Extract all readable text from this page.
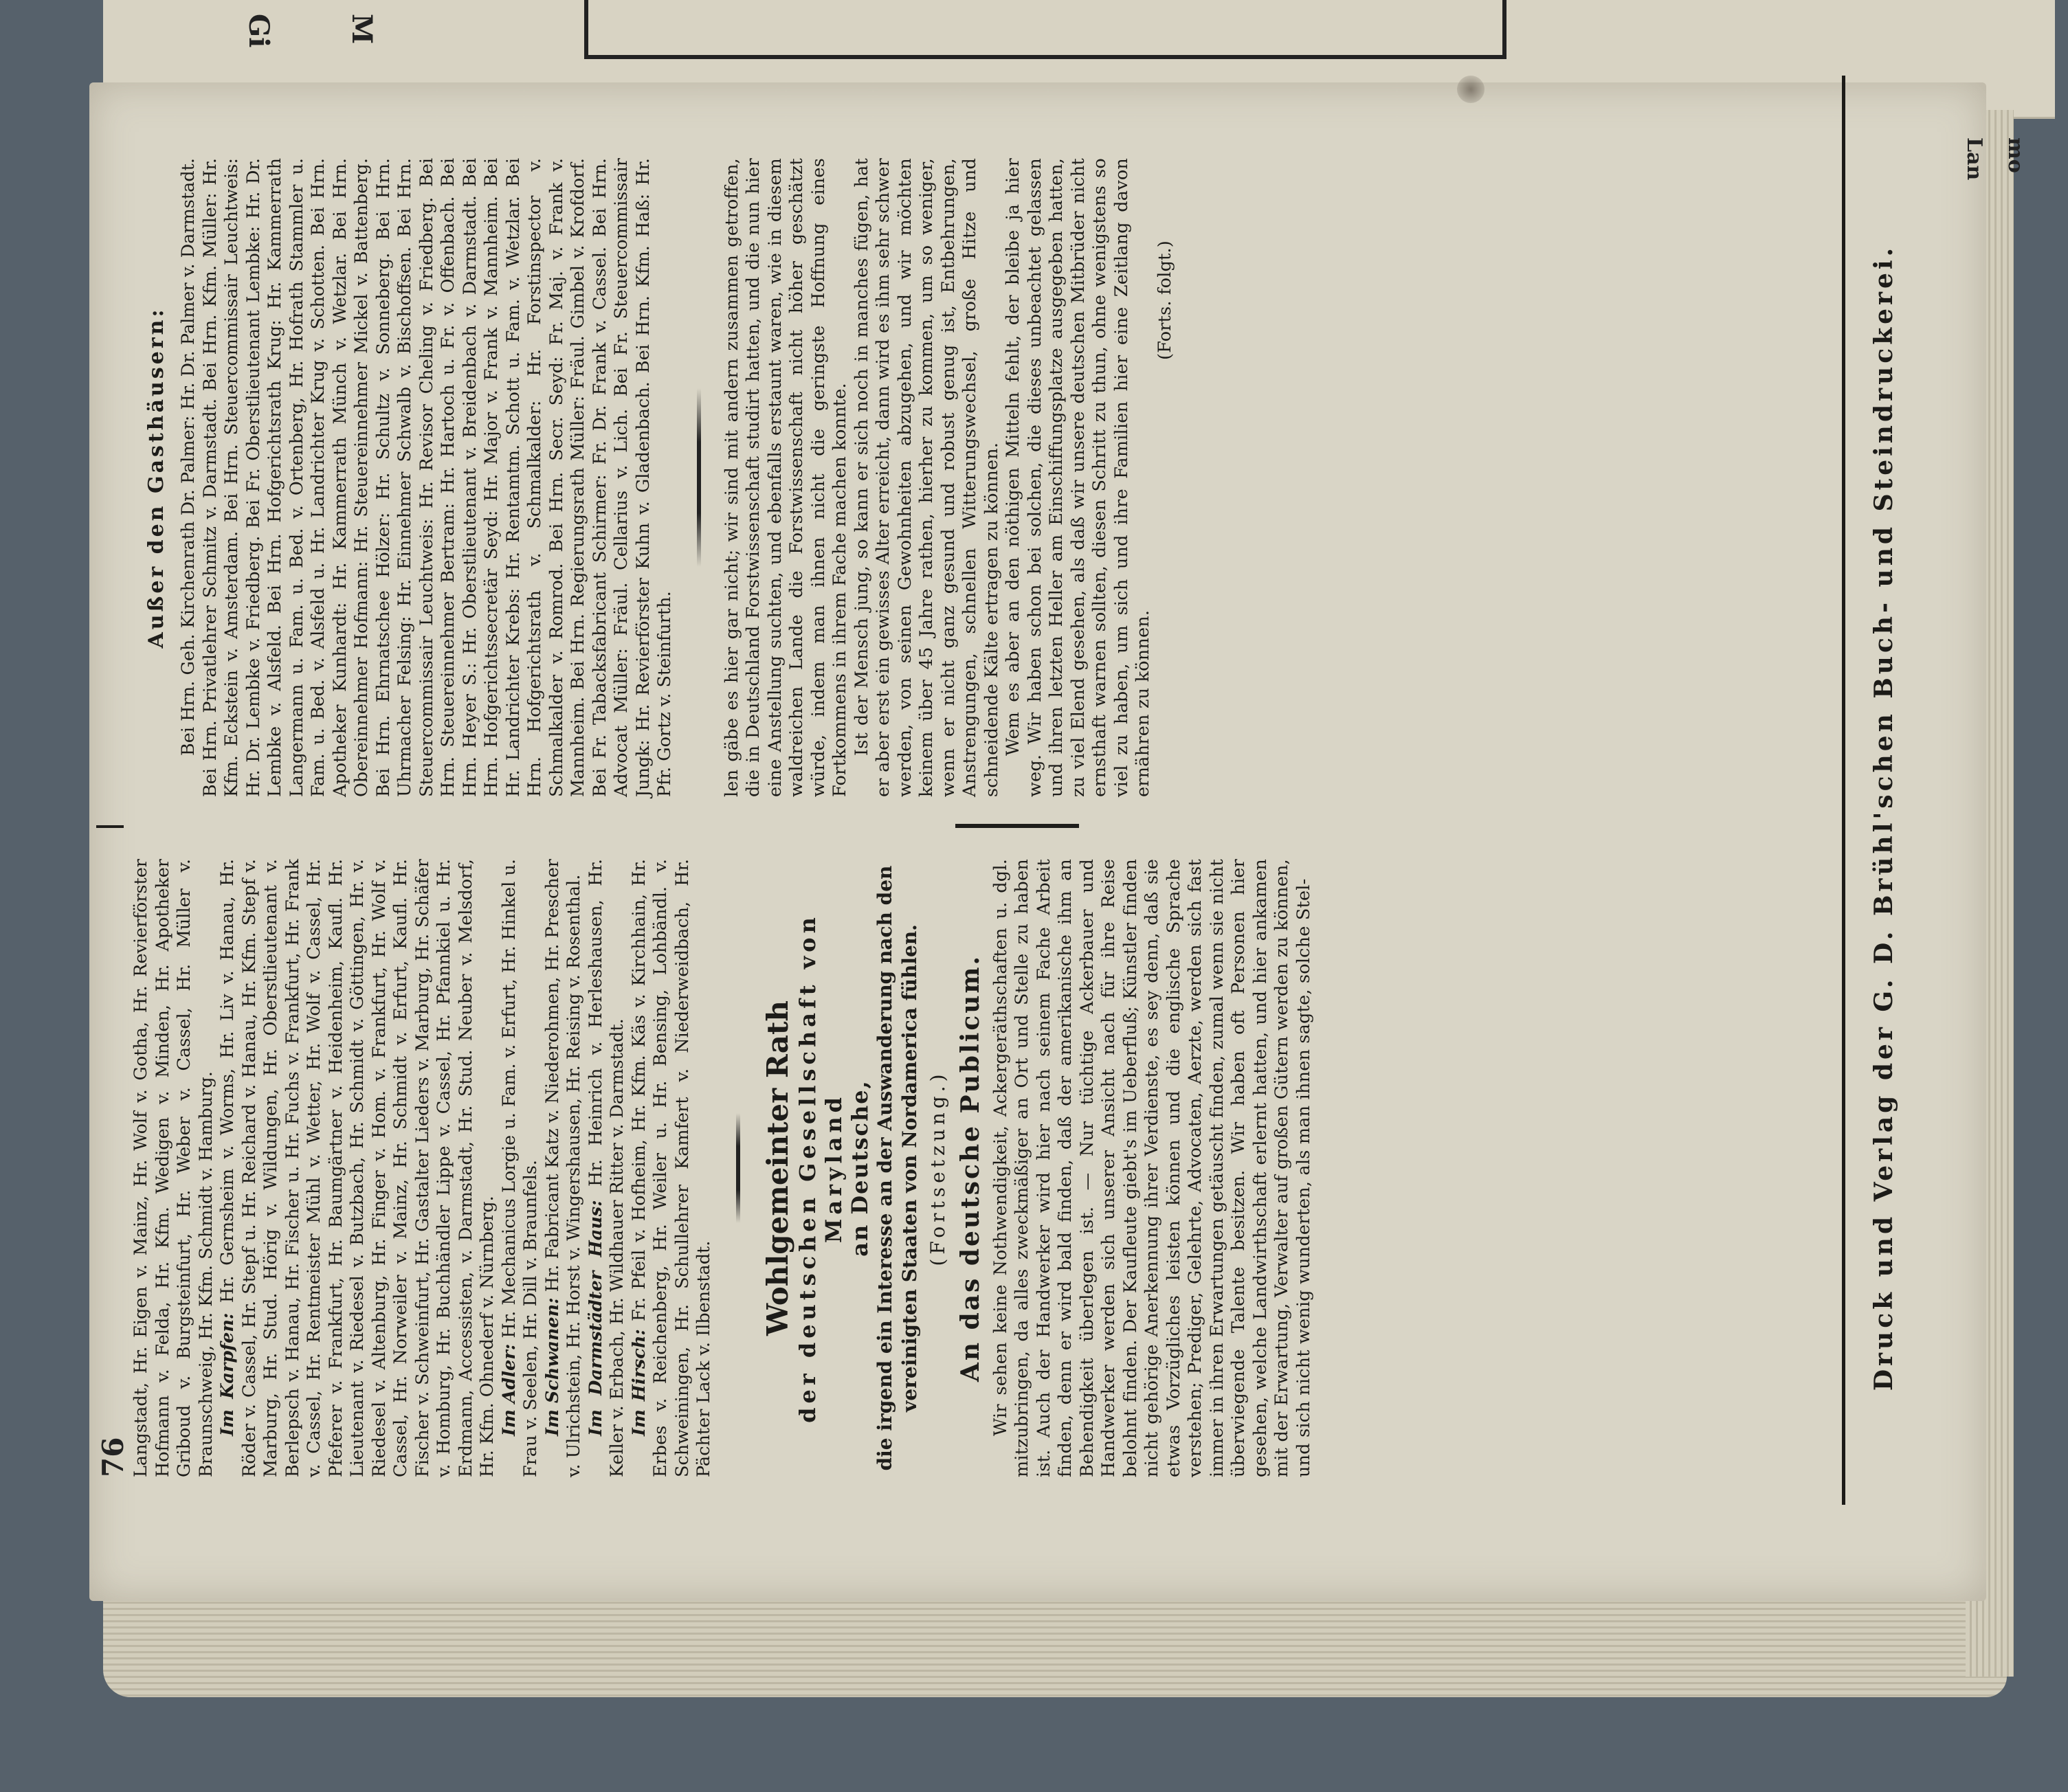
Gi	M
Lan mo
76 Langstadt, Hr. Eigen v. Mainz, Hr. Wolf v. Gotha, Hr. Revierförster Hofmann v. Felda, Hr. Kfm. Wedigen v. Minden, Hr. Apotheker Griboud v. Burgsteinfurt, Hr. Weber v. Cassel, Hr. Müller v. Braunschweig, Hr. Kfm. Schmidt v. Hamburg. Im Karpfen: Hr. Gernsheim v. Worms, Hr. Liv v. Hanau, Hr. Röder v. Cassel, Hr. Stepf u. Hr. Reichard v. Hanau, Hr. Kfm. Stepf v. Marburg, Hr. Stud. Hörig v. Wildungen, Hr. Oberstlieutenant v. Berlepsch v. Hanau, Hr. Fischer u. Hr. Fuchs v. Frankfurt, Hr. Frank v. Cassel, Hr. Rentmeister Mühl v. Wetter, Hr. Wolf v. Cassel, Hr. Pfeferer v. Frankfurt, Hr. Baumgärtner v. Heidenheim, Kaufl. Hr. Lieutenant v. Riedesel v. Butzbach, Hr. Schmidt v. Göttingen, Hr. v. Riedesel v. Altenburg, Hr. Finger v. Hom. v. Frankfurt, Hr. Wolf v. Cassel, Hr. Norweiler v. Mainz, Hr. Schmidt v. Erfurt, Kaufl. Hr. Fischer v. Schweinfurt, Hr. Gastalter Lieders v. Marburg, Hr. Schäfer v. Homburg, Hr. Buchhändler Lippe v. Cassel, Hr. Pfannkiel u. Hr. Erdmann, Accessisten, v. Darmstadt, Hr. Stud. Neuber v. Melsdorf, Hr. Kfm. Ohnederf v. Nürnberg. Im Adler: Hr. Mechanicus Lorgie u. Fam. v. Erfurt, Hr. Hinkel u. Frau v. Seelen, Hr. Dill v. Braunfels. Im Schwanen: Hr. Fabricant Katz v. Niederohmen, Hr. Prescher v. Ulrichstein, Hr. Horst v. Wingershausen, Hr. Reising v. Rosenthal. Im Darmstädter Haus: Hr. Heinrich v. Herleshausen, Hr. Keller v. Erbach, Hr. Wildhauer Ritter v. Darmstadt. Im Hirsch: Fr. Pfeil v. Hofheim, Hr. Kfm. Käs v. Kirchhain, Hr. Erbes v. Reichenberg, Hr. Weiler u. Hr. Bensing, Lohbändl. v. Schweiningen, Hr. Schullehrer Kamfert v. Niederweidbach, Hr. Pächter Lack v. Ilbenstadt.

Wohlgemeinter Rath der deutschen Gesellschaft von Maryland an Deutsche, die irgend ein Interesse an der Auswanderung nach den vereinigten Staaten von Nordamerica fühlen. (Fortsetzung.) An das deutsche Publicum. Wir sehen keine Nothwendigkeit, Ackergeräthschaften u. dgl. mitzubringen, da alles zweckmäßiger an Ort und Stelle zu haben ist. Auch der Handwerker wird hier nach seinem Fache Arbeit finden, denn er wird bald finden, daß der amerikanische ihm an Behendigkeit überlegen ist. — Nur tüchtige Ackerbauer und Handwerker werden sich unserer Ansicht nach für ihre Reise belohnt finden. Der Kaufleute giebt's im Ueberfluß; Künstler finden nicht gehörige Anerkennung ihrer Verdienste, es sey denn, daß sie etwas Vorzügliches leisten können und die englische Sprache verstehen; Prediger, Gelehrte, Advocaten, Aerzte, werden sich fast immer in ihren Erwartungen getäuscht finden, zumal wenn sie nicht überwiegende Talente besitzen. Wir haben oft Personen hier gesehen, welche Landwirthschaft erlernt hatten, und hier ankamen mit der Erwartung, Verwalter auf großen Gütern werden zu können, und sich nicht wenig wunderten, als man ihnen sagte, solche Stel-

Außer den Gasthäusern: Bei Hrn. Geh. Kirchenrath Dr. Palmer: Hr. Dr. Palmer v. Darmstadt. Bei Hrn. Privatlehrer Schmitz v. Darmstadt. Bei Hrn. Kfm. Müller: Hr. Kfm. Eckstein v. Amsterdam. Bei Hrn. Steuercommissair Leuchtweis: Hr. Dr. Lembke v. Friedberg. Bei Fr. Oberstlieutenant Lembke: Hr. Dr. Lembke v. Alsfeld. Bei Hrn. Hofgerichtsrath Krug: Hr. Kammerrath Langermann u. Fam. u. Bed. v. Ortenberg, Hr. Hofrath Stammler u. Fam. u. Bed. v. Alsfeld u. Hr. Landrichter Krug v. Schotten. Bei Hrn. Apotheker Kunhardt: Hr. Kammerrath Münch v. Wetzlar. Bei Hrn. Obereinnehmer Hofmann: Hr. Steuereinnehmer Mickel v. Battenberg. Bei Hrn. Ehrnatschee Hölzer: Hr. Schultz v. Sonneberg. Bei Hrn. Uhrmacher Felsing: Hr. Einnehmer Schwalb v. Bischoffsen. Bei Hrn. Steuercommissair Leuchtweis: Hr. Revisor Cheling v. Friedberg. Bei Hrn. Steuereinnehmer Bertram: Hr. Hartoch u. Fr. v. Offenbach. Bei Hrn. Heyer S.: Hr. Oberstlieutenant v. Breidenbach v. Darmstadt. Bei Hrn. Hofgerichtssecretär Seyd: Hr. Major v. Frank v. Mannheim. Bei Hr. Landrichter Krebs: Hr. Rentamtm. Schott u. Fam. v. Wetzlar. Bei Hrn. Hofgerichtsrath v. Schmalkalder: Hr. Forstinspector v. Schmalkalder v. Romrod. Bei Hrn. Secr. Seyd: Fr. Maj. v. Frank v. Mannheim. Bei Hrn. Regierungsrath Müller: Fräul. Gimbel v. Krofdorf. Bei Fr. Tabacksfabricant Schirmer: Fr. Dr. Frank v. Cassel. Bei Hrn. Advocat Müller: Fräul. Cellarius v. Lich. Bei Fr. Steuercommissair Jungk: Hr. Revierförster Kuhn v. Gladenbach. Bei Hrn. Kfm. Haß: Hr. Pfr. Gortz v. Steinfurth.	len gäbe es hier gar nicht; wir sind mit andern zusammen getroffen, die in Deutschland Forstwissenschaft studirt hatten, und die nun hier eine Anstellung suchten, und ebenfalls erstaunt waren, wie in diesem waldreichen Lande die Forstwissenschaft nicht höher geschätzt würde, indem man ihnen nicht die geringste Hoffnung eines Fortkommens in ihrem Fache machen konnte. Ist der Mensch jung, so kann er sich noch in manches fügen, hat er aber erst ein gewisses Alter erreicht, dann wird es ihm sehr schwer werden, von seinen Gewohnheiten abzugehen, und wir möchten keinem über 45 Jahre rathen, hierher zu kommen, um so weniger, wenn er nicht ganz gesund und robust genug ist, Entbehrungen, Anstrengungen, schnellen Witterungswechsel, große Hitze und schneidende Kälte ertragen zu können. Wem es aber an den nöthigen Mitteln fehlt, der bleibe ja hier weg. Wir haben schon bei solchen, die dieses unbeachtet gelassen und ihren letzten Heller am Einschiffungsplatze ausgegeben hatten, zu viel Elend gesehen, als daß wir unsere deutschen Mitbrüder nicht ernsthaft warnen sollten, diesen Schritt zu thun, ohne wenigstens so viel zu haben, um sich und ihre Familien hier eine Zeitlang davon ernähren zu können.

(Forts. folgt.)	Druck und Verlag der G. D. Brühl'schen Buch- und Steindruckerei.
